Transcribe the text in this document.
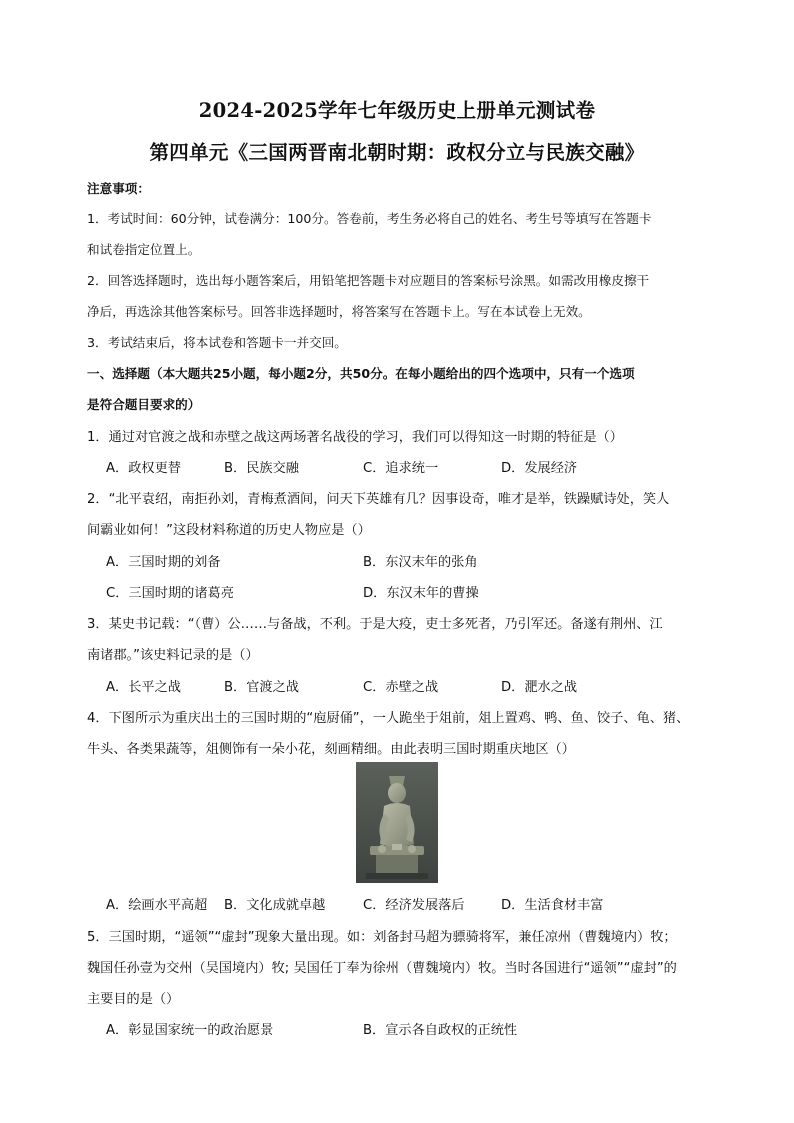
2024-2025学年七年级历史上册单元测试卷
第四单元《三国两晋南北朝时期：政权分立与民族交融》
注意事项：
1．考试时间：60分钟，试卷满分：100分。答卷前，考生务必将自己的姓名、考生号等填写在答题卡
和试卷指定位置上。
2．回答选择题时，选出每小题答案后，用铅笔把答题卡对应题目的答案标号涂黑。如需改用橡皮擦干
净后，再选涂其他答案标号。回答非选择题时，将答案写在答题卡上。写在本试卷上无效。
3．考试结束后，将本试卷和答题卡一并交回。
一、选择题（本大题共25小题，每小题2分，共50分。在每小题给出的四个选项中，只有一个选项
是符合题目要求的）
1．通过对官渡之战和赤壁之战这两场著名战役的学习，我们可以得知这一时期的特征是（）
A．政权更替	B．民族交融	C．追求统一	D．发展经济
2．“北平袁绍，南拒孙刘，青梅煮酒间，问天下英雄有几？因事设奇，唯才是举，铁躁赋诗处，笑人
间霸业如何！”这段材料称道的历史人物应是（）
A．三国时期的刘备	B．东汉末年的张角
C．三国时期的诸葛亮	D．东汉末年的曹操
3．某史书记载：“（曹）公……与备战，不利。于是大疫，吏士多死者，乃引军还。备遂有荆州、江
南诸郡。”该史料记录的是（）
A．长平之战	B．官渡之战	C．赤壁之战	D．淝水之战
4．下图所示为重庆出土的三国时期的“庖厨俑”，一人跪坐于俎前，俎上置鸡、鸭、鱼、饺子、龟、猪、
牛头、各类果蔬等，俎侧饰有一朵小花，刻画精细。由此表明三国时期重庆地区（）
A．绘画水平高超 B．文化成就卓越	C．经济发展落后	D．生活食材丰富
5．三国时期，“遥领”“虚封”现象大量出现。如：刘备封马超为骠骑将军，兼任凉州（曹魏境内）牧；
魏国任孙壹为交州（吴国境内）牧; 吴国任丁奉为徐州（曹魏境内）牧。当时各国进行“遥领”“虚封”的
主要目的是（）
A．彰显国家统一的政治愿景	B．宣示各自政权的正统性
